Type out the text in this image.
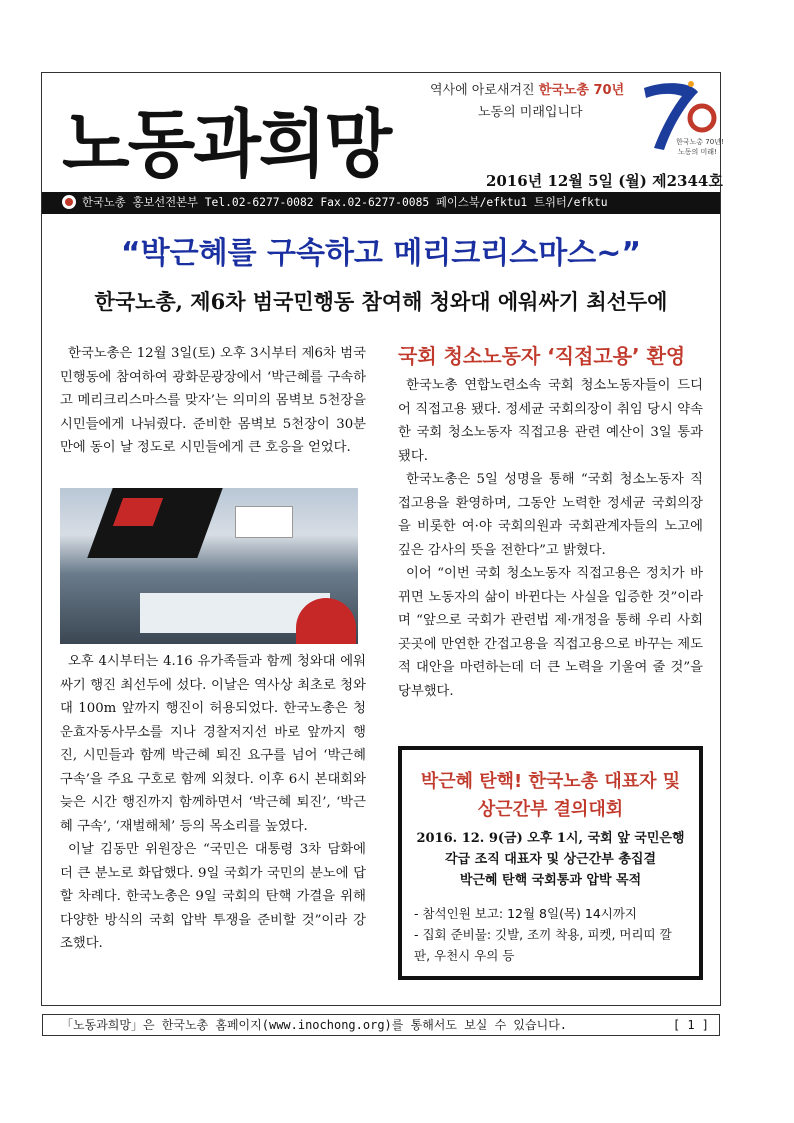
노동과희망
역사에 아로새겨진 한국노총 70년
노동의 미래입니다
한국노총 70년!
노동의 미래!
2016년 12월 5일 (월) 제2344호
한국노총 홍보선전본부 Tel.02-6277-0082 Fax.02-6277-0085 페이스북/efktu1 트위터/efktu
“박근혜를 구속하고 메리크리스마스~”
한국노총, 제6차 범국민행동 참여해 청와대 에워싸기 최선두에

한국노총은 12월 3일(토) 오후 3시부터 제6차 범국민행동에 참여하여 광화문광장에서 ‘박근혜를 구속하고 메리크리스마스를 맞자’는 의미의 몸벽보 5천장을 시민들에게 나눠줬다. 준비한 몸벽보 5천장이 30분 만에 동이 날 정도로 시민들에게 큰 호응을 얻었다.

오후 4시부터는 4.16 유가족들과 함께 청와대 에워싸기 행진 최선두에 섰다. 이날은 역사상 최초로 청와대 100m 앞까지 행진이 허용되었다. 한국노총은 청운효자동사무소를 지나 경찰저지선 바로 앞까지 행진, 시민들과 함께 박근혜 퇴진 요구를 넘어 ‘박근혜 구속’을 주요 구호로 함께 외쳤다. 이후 6시 본대회와 늦은 시간 행진까지 함께하면서 ‘박근혜 퇴진’, ‘박근혜 구속’, ‘재벌해체’ 등의 목소리를 높였다.

이날 김동만 위원장은 “국민은 대통령 3차 담화에 더 큰 분노로 화답했다. 9일 국회가 국민의 분노에 답할 차례다. 한국노총은 9일 국회의 탄핵 가결을 위해 다양한 방식의 국회 압박 투쟁을 준비할 것”이라 강조했다.

국회 청소노동자 ‘직접고용’ 환영

한국노총 연합노련소속 국회 청소노동자들이 드디어 직접고용 됐다. 정세균 국회의장이 취임 당시 약속한 국회 청소노동자 직접고용 관련 예산이 3일 통과됐다.

한국노총은 5일 성명을 통해 “국회 청소노동자 직접고용을 환영하며, 그동안 노력한 정세균 국회의장을 비롯한 여·야 국회의원과 국회관계자들의 노고에 깊은 감사의 뜻을 전한다”고 밝혔다.

이어 “이번 국회 청소노동자 직접고용은 정치가 바뀌면 노동자의 삶이 바뀐다는 사실을 입증한 것”이라며 “앞으로 국회가 관련법 제·개정을 통해 우리 사회 곳곳에 만연한 간접고용을 직접고용으로 바꾸는 제도적 대안을 마련하는데 더 큰 노력을 기울여 줄 것”을 당부했다.

박근혜 탄핵! 한국노총 대표자 및
상근간부 결의대회
2016. 12. 9(금) 오후 1시, 국회 앞 국민은행
각급 조직 대표자 및 상근간부 총집결
박근혜 탄핵 국회통과 압박 목적
- 참석인원 보고: 12월 8일(목) 14시까지
- 집회 준비물: 깃발, 조끼 착용, 피켓, 머리띠 깔판, 우천시 우의 등
「노동과희망」은 한국노총 홈페이지(www.inochong.org)를 통해서도 보실 수 있습니다.	[ 1 ]
